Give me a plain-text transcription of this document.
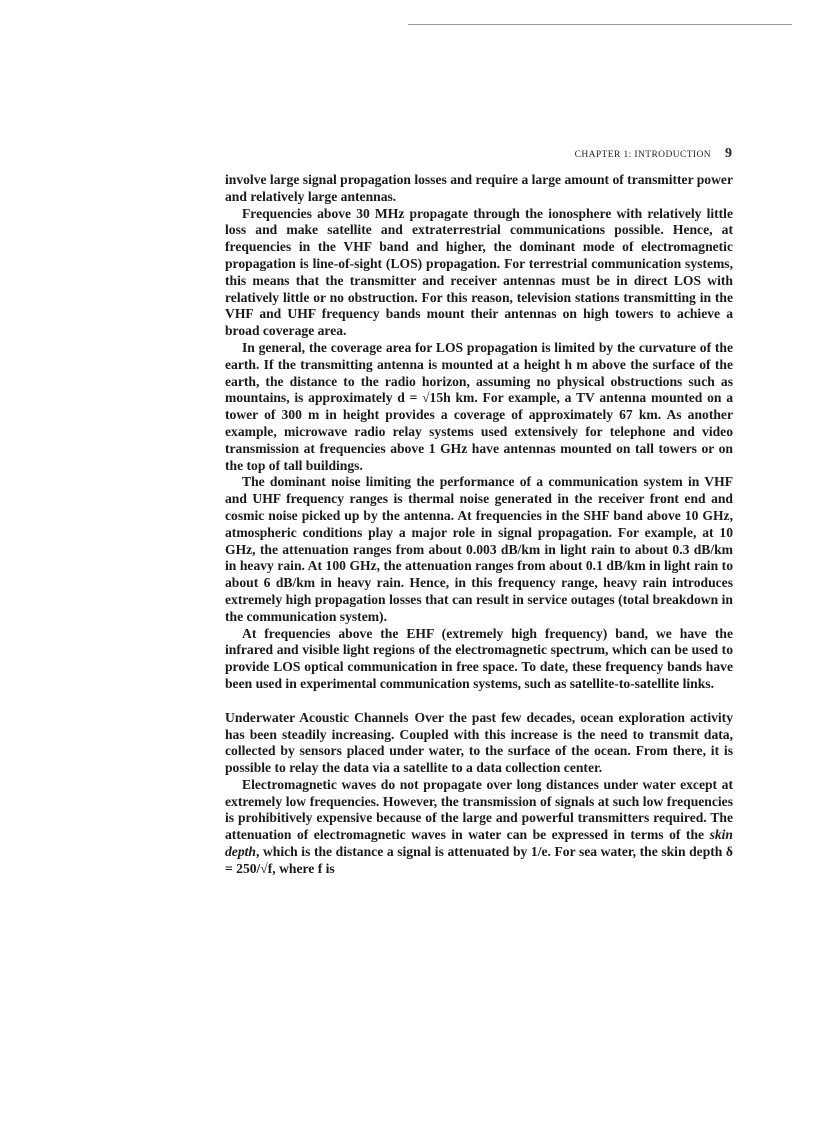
CHAPTER 1: INTRODUCTION 9

involve large signal propagation losses and require a large amount of transmitter power and relatively large antennas.

Frequencies above 30 MHz propagate through the ionosphere with relatively little loss and make satellite and extraterrestrial communications possible. Hence, at frequencies in the VHF band and higher, the dominant mode of electromagnetic propagation is line-of-sight (LOS) propagation. For terrestrial communication systems, this means that the transmitter and receiver antennas must be in direct LOS with relatively little or no obstruction. For this reason, television stations transmitting in the VHF and UHF frequency bands mount their antennas on high towers to achieve a broad coverage area.

In general, the coverage area for LOS propagation is limited by the curvature of the earth. If the transmitting antenna is mounted at a height h m above the surface of the earth, the distance to the radio horizon, assuming no physical obstructions such as mountains, is approximately d = √15h km. For example, a TV antenna mounted on a tower of 300 m in height provides a coverage of approximately 67 km. As another example, microwave radio relay systems used extensively for telephone and video transmission at frequencies above 1 GHz have antennas mounted on tall towers or on the top of tall buildings.

The dominant noise limiting the performance of a communication system in VHF and UHF frequency ranges is thermal noise generated in the receiver front end and cosmic noise picked up by the antenna. At frequencies in the SHF band above 10 GHz, atmospheric conditions play a major role in signal propagation. For example, at 10 GHz, the attenuation ranges from about 0.003 dB/km in light rain to about 0.3 dB/km in heavy rain. At 100 GHz, the attenuation ranges from about 0.1 dB/km in light rain to about 6 dB/km in heavy rain. Hence, in this frequency range, heavy rain introduces extremely high propagation losses that can result in service outages (total breakdown in the communication system).

At frequencies above the EHF (extremely high frequency) band, we have the infrared and visible light regions of the electromagnetic spectrum, which can be used to provide LOS optical communication in free space. To date, these frequency bands have been used in experimental communication systems, such as satellite-to-satellite links.

Underwater Acoustic Channels Over the past few decades, ocean exploration activity has been steadily increasing. Coupled with this increase is the need to transmit data, collected by sensors placed under water, to the surface of the ocean. From there, it is possible to relay the data via a satellite to a data collection center.

Electromagnetic waves do not propagate over long distances under water except at extremely low frequencies. However, the transmission of signals at such low frequencies is prohibitively expensive because of the large and powerful transmitters required. The attenuation of electromagnetic waves in water can be expressed in terms of the skin depth, which is the distance a signal is attenuated by 1/e. For sea water, the skin depth δ = 250/√f, where f is
